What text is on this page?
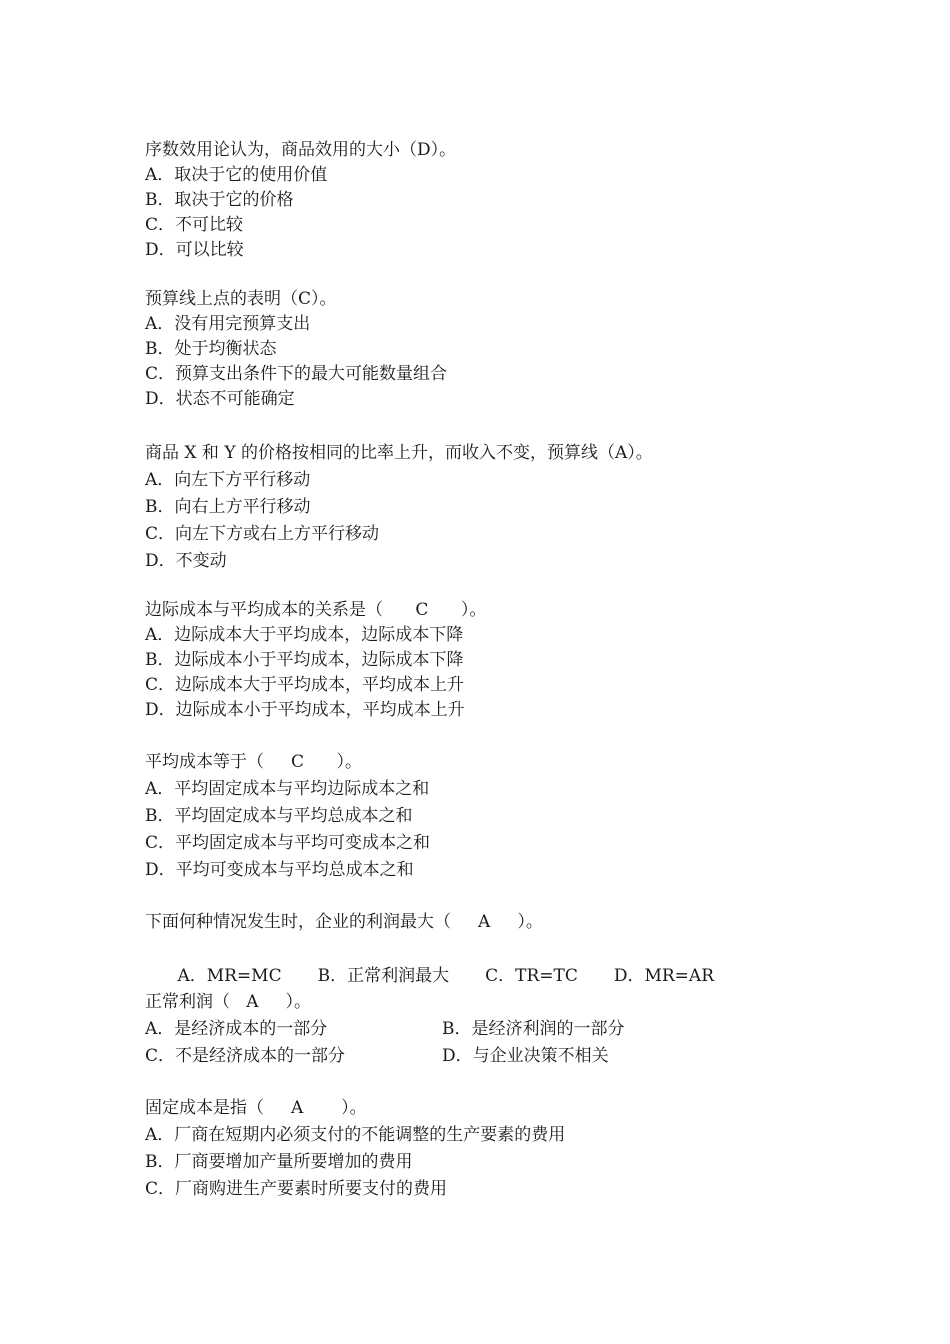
序数效用论认为，商品效用的大小（D）。
A．取决于它的使用价值
B．取决于它的价格
C．不可比较
D．可以比较
预算线上点的表明（C）。
A．没有用完预算支出
B．处于均衡状态
C．预算支出条件下的最大可能数量组合
D．状态不可能确定
商品 X 和 Y 的价格按相同的比率上升，而收入不变，预算线（A）。
A．向左下方平行移动
B．向右上方平行移动
C．向左下方或右上方平行移动
D．不变动
边际成本与平均成本的关系是（      C      ）。
A．边际成本大于平均成本，边际成本下降
B．边际成本小于平均成本，边际成本下降
C．边际成本大于平均成本，平均成本上升
D．边际成本小于平均成本，平均成本上升
平均成本等于（     C      ）。
A．平均固定成本与平均边际成本之和
B．平均固定成本与平均总成本之和
C．平均固定成本与平均可变成本之和
D．平均可变成本与平均总成本之和
下面何种情况发生时，企业的利润最大（     A     ）。

A．MR=MC B．正常利润最大 C．TR=TC D．MR=AR

正常利润（   A     ）。
A．是经济成本的一部分	B．是经济利润的一部分
C．不是经济成本的一部分	D．与企业决策不相关
固定成本是指（     A       ）。
A．厂商在短期内必须支付的不能调整的生产要素的费用
B．厂商要增加产量所要增加的费用
C．厂商购进生产要素时所要支付的费用
